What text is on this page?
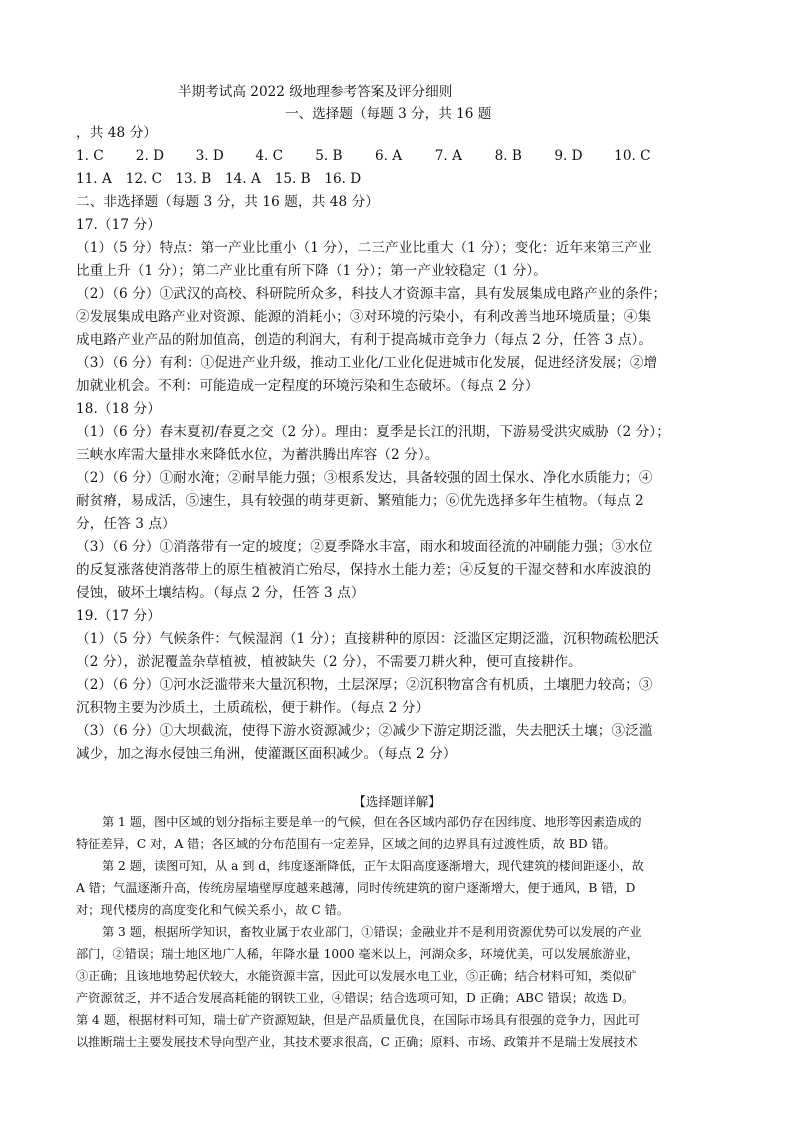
半期考试高 2022 级地理参考答案及评分细则
一、选择题（每题 3 分，共 16 题
，共 48 分）
1. C	2. D	3. D	4. C	5. B	6. A	7. A	8. B	9. D	10. C
11. A	12. C 13. B	14. A	15. B	16. D
二、非选择题（每题 3 分，共 16 题，共 48 分）
17.（17 分）
（1）（5 分）特点：第一产业比重小（1 分），二三产业比重大（1 分）；变化：近年来第三产业
比重上升（1 分）；第二产业比重有所下降（1 分）；第一产业较稳定（1 分）。
（2）（6 分）①武汉的高校、科研院所众多，科技人才资源丰富，具有发展集成电路产业的条件；
②发展集成电路产业对资源、能源的消耗小；③对环境的污染小，有利改善当地环境质量；④集
成电路产业产品的附加值高，创造的利润大，有利于提高城市竞争力（每点 2 分，任答 3 点）。
（3）（6 分）有利：①促进产业升级，推动工业化/工业化促进城市化发展，促进经济发展；②增
加就业机会。不利：可能造成一定程度的环境污染和生态破坏。（每点 2 分）
18.（18 分）
（1）（6 分）春末夏初/春夏之交（2 分）。理由：夏季是长江的汛期，下游易受洪灾威胁（2 分）；
三峡水库需大量排水来降低水位，为蓄洪腾出库容（2 分）。
（2）（6 分）①耐水淹；②耐旱能力强；③根系发达，具备较强的固土保水、净化水质能力；④
耐贫瘠，易成活，⑤速生，具有较强的萌芽更新、繁殖能力；⑥优先选择多年生植物。（每点 2
分，任答 3 点）
（3）（6 分）①消落带有一定的坡度；②夏季降水丰富，雨水和坡面径流的冲刷能力强；③水位
的反复涨落使消落带上的原生植被消亡殆尽，保持水土能力差；④反复的干湿交替和水库波浪的
侵蚀，破坏土壤结构。（每点 2 分，任答 3 点）
19.（17 分）
（1）（5 分）气候条件：气候湿润（1 分）；直接耕种的原因：泛滥区定期泛滥，沉积物疏松肥沃
（2 分），淤泥覆盖杂草植被，植被缺失（2 分），不需要刀耕火种，便可直接耕作。
（2）（6 分）①河水泛滥带来大量沉积物，土层深厚；②沉积物富含有机质，土壤肥力较高；③
沉积物主要为沙质土，土质疏松，便于耕作。（每点 2 分）
（3）（6 分）①大坝截流，使得下游水资源减少；②减少下游定期泛滥，失去肥沃土壤；③泛滥
减少，加之海水侵蚀三角洲，使灌溉区面积减少。（每点 2 分）
【选择题详解】
第 1 题，图中区域的划分指标主要是单一的气候，但在各区域内部仍存在因纬度、地形等因素造成的
特征差异，C 对，A 错；各区域的分布范围有一定差异，区域之间的边界具有过渡性质，故 BD 错。
第 2 题，读图可知，从 a 到 d，纬度逐渐降低，正午太阳高度逐渐增大，现代建筑的楼间距逐小，故
A 错；气温逐渐升高，传统房屋墙壁厚度越来越薄，同时传统建筑的窗户逐渐增大，便于通风，B 错，D
对；现代楼房的高度变化和气候关系小，故 C 错。
第 3 题，根据所学知识，畜牧业属于农业部门，①错误；金融业并不是利用资源优势可以发展的产业
部门，②错误；瑞士地区地广人稀，年降水量 1000 毫米以上，河湖众多，环境优美，可以发展旅游业，
③正确；且该地地势起伏较大，水能资源丰富，因此可以发展水电工业，⑤正确；结合材料可知，类似矿
产资源贫乏，并不适合发展高耗能的钢铁工业，④错误；结合选项可知，D 正确；ABC 错误；故选 D。
第 4 题，根据材料可知，瑞士矿产资源短缺，但是产品质量优良，在国际市场具有很强的竞争力，因此可
以推断瑞士主要发展技术导向型产业，其技术要求很高，C 正确；原料、市场、政策并不是瑞士发展技术
